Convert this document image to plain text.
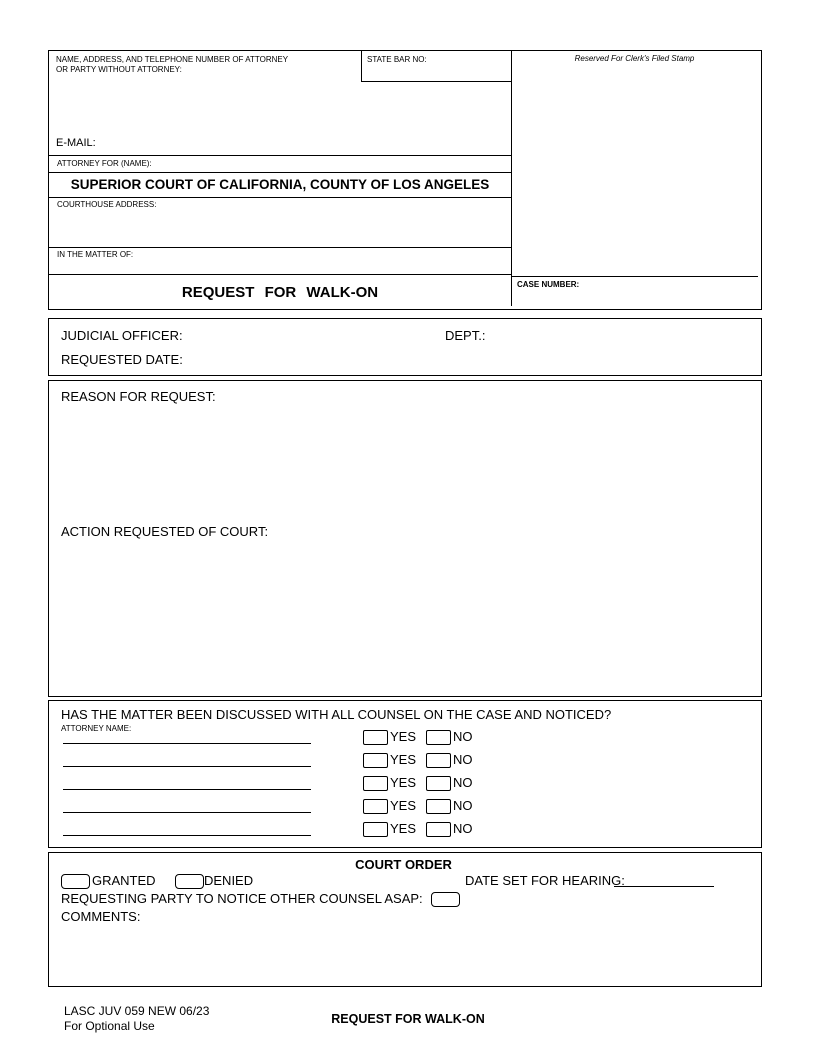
NAME, ADDRESS, AND TELEPHONE NUMBER OF ATTORNEY OR PARTY WITHOUT ATTORNEY:
STATE BAR NO:
E-MAIL:
ATTORNEY FOR (NAME):
SUPERIOR COURT OF CALIFORNIA, COUNTY OF LOS ANGELES
COURTHOUSE ADDRESS:
IN THE MATTER OF:
REQUEST FOR WALK-ON
Reserved For Clerk's Filed Stamp
CASE NUMBER:
JUDICIAL OFFICER:	DEPT.:
REQUESTED DATE:
REASON FOR REQUEST:
ACTION REQUESTED OF COURT:
HAS THE MATTER BEEN DISCUSSED WITH ALL COUNSEL ON THE CASE AND NOTICED?
ATTORNEY NAME:
YES	NO
YES	NO
YES	NO
YES	NO
YES	NO
COURT ORDER
GRANTED	DENIED	DATE SET FOR HEARING:
REQUESTING PARTY TO NOTICE OTHER COUNSEL ASAP:
COMMENTS:
LASC JUV 059 NEW 06/23
For Optional Use	REQUEST FOR WALK-ON
